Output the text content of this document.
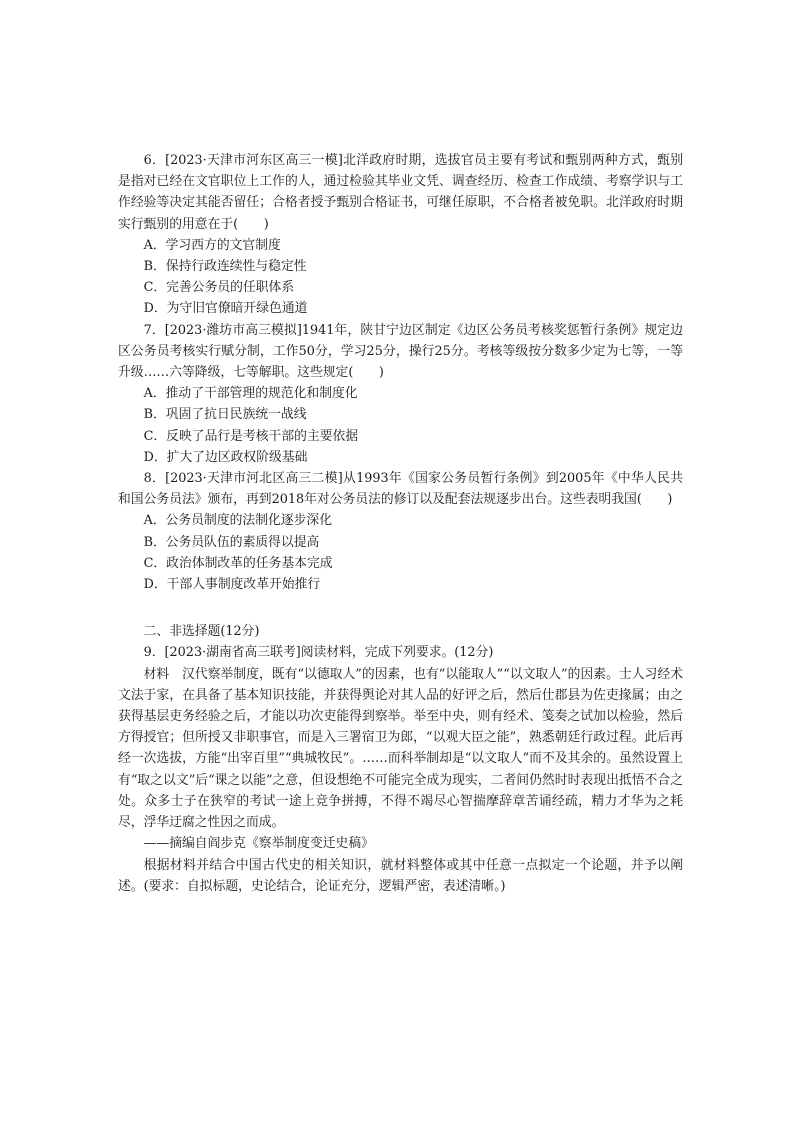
6．[2023·天津市河东区高三一模]北洋政府时期，选拔官员主要有考试和甄别两种方式，甄别是指对已经在文官职位上工作的人，通过检验其毕业文凭、调查经历、检查工作成绩、考察学识与工作经验等决定其能否留任；合格者授予甄别合格证书，可继任原职，不合格者被免职。北洋政府时期实行甄别的用意在于(　　)

A．学习西方的文官制度

B．保持行政连续性与稳定性

C．完善公务员的任职体系

D．为守旧官僚暗开绿色通道

7．[2023·潍坊市高三模拟]1941年，陕甘宁边区制定《边区公务员考核奖惩暂行条例》规定边区公务员考核实行赋分制，工作50分，学习25分，操行25分。考核等级按分数多少定为七等，一等升级……六等降级，七等解职。这些规定(　　)

A．推动了干部管理的规范化和制度化

B．巩固了抗日民族统一战线

C．反映了品行是考核干部的主要依据

D．扩大了边区政权阶级基础

8．[2023·天津市河北区高三二模]从1993年《国家公务员暂行条例》到2005年《中华人民共和国公务员法》颁布，再到2018年对公务员法的修订以及配套法规逐步出台。这些表明我国(　　)

A．公务员制度的法制化逐步深化

B．公务员队伍的素质得以提高

C．政治体制改革的任务基本完成

D．干部人事制度改革开始推行

二、非选择题(12分)

9．[2023·湖南省高三联考]阅读材料，完成下列要求。(12分)

材料　汉代察举制度，既有“以德取人”的因素，也有“以能取人”“以文取人”的因素。士人习经术文法于家，在具备了基本知识技能，并获得舆论对其人品的好评之后，然后仕郡县为佐吏掾属；由之获得基层吏务经验之后，才能以功次吏能得到察举。举至中央，则有经术、笺奏之试加以检验，然后方得授官；但所授又非职事官，而是入三署宿卫为郎，“以观大臣之能”，熟悉朝廷行政过程。此后再经一次选拔，方能“出宰百里”“典城牧民”。……而科举制却是“以文取人”而不及其余的。虽然设置上有“取之以文”后“课之以能”之意，但设想绝不可能完全成为现实，二者间仍然时时表现出抵悟不合之处。众多士子在狭窄的考试一途上竞争拼搏，不得不竭尽心智揣摩辞章苦诵经疏，精力才华为之耗尽，浮华迂腐之性因之而成。

——摘编自阎步克《察举制度变迁史稿》

根据材料并结合中国古代史的相关知识，就材料整体或其中任意一点拟定一个论题，并予以阐述。(要求：自拟标题，史论结合，论证充分，逻辑严密，表述清晰。)
